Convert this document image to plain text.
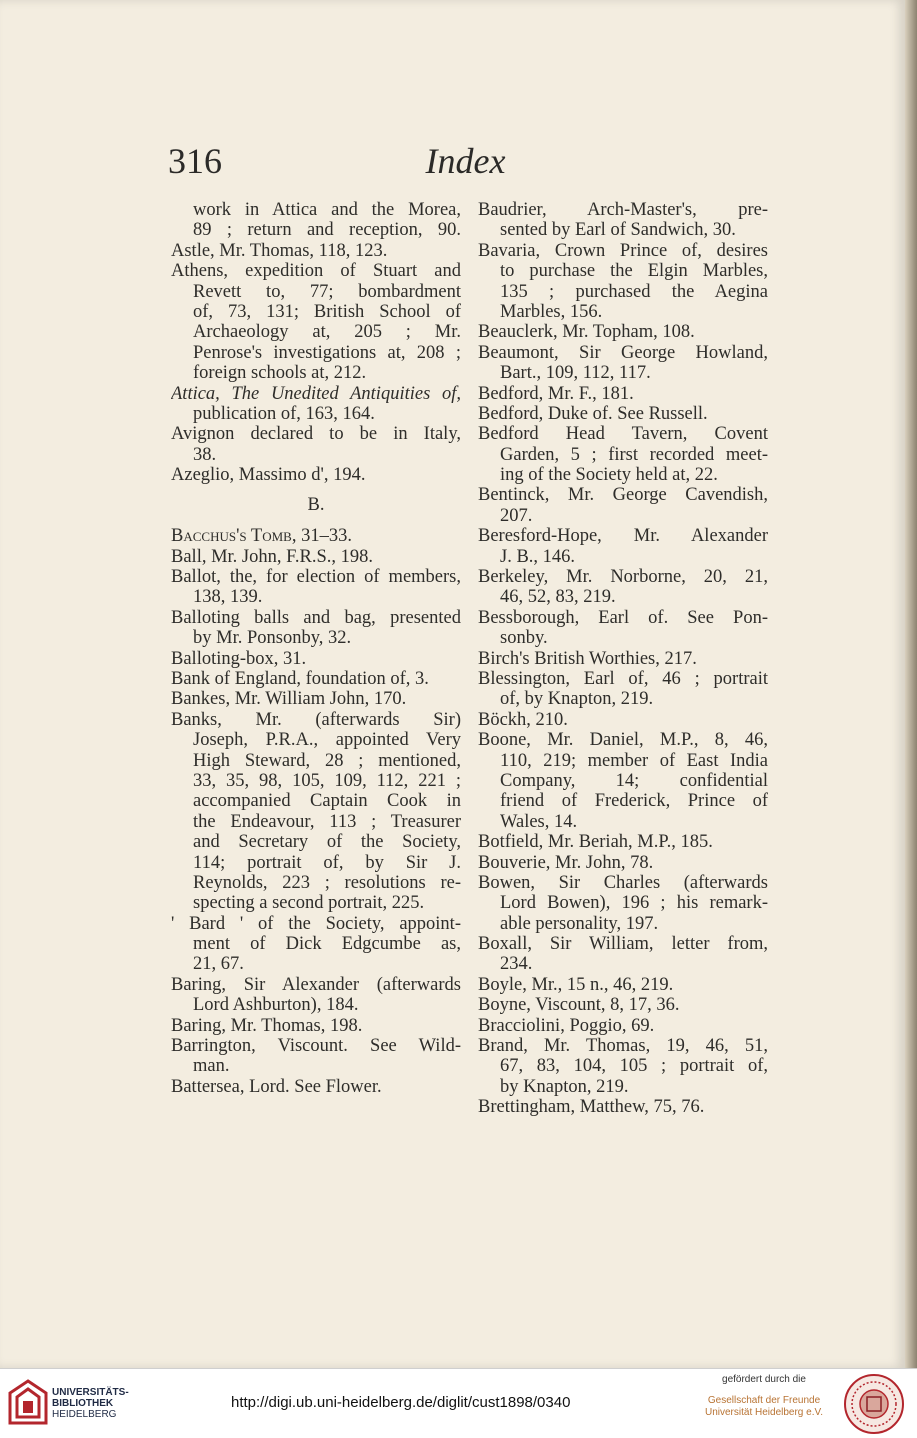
316	Index
work in Attica and the Morea,
89 ; return and reception, 90.
Astle, Mr. Thomas, 118, 123.
Athens, expedition of Stuart and
Revett to, 77; bombardment
of, 73, 131; British School of
Archaeology at, 205 ; Mr.
Penrose's investigations at, 208 ;
foreign schools at, 212.
Attica, The Unedited Antiquities of,
publication of, 163, 164.
Avignon declared to be in Italy,
38.
Azeglio, Massimo d', 194.
B.
Bacchus's Tomb, 31–33.
Ball, Mr. John, F.R.S., 198.
Ballot, the, for election of members,
138, 139.
Balloting balls and bag, presented
by Mr. Ponsonby, 32.
Balloting-box, 31.
Bank of England, foundation of, 3.
Bankes, Mr. William John, 170.
Banks, Mr. (afterwards Sir)
Joseph, P.R.A., appointed Very
High Steward, 28 ; mentioned,
33, 35, 98, 105, 109, 112, 221 ;
accompanied Captain Cook in
the Endeavour, 113 ; Treasurer
and Secretary of the Society,
114; portrait of, by Sir J.
Reynolds, 223 ; resolutions re-
specting a second portrait, 225.
' Bard ' of the Society, appoint-
ment of Dick Edgcumbe as,
21, 67.
Baring, Sir Alexander (afterwards
Lord Ashburton), 184.
Baring, Mr. Thomas, 198.
Barrington, Viscount. See Wild-
man.
Battersea, Lord. See Flower.
Baudrier, Arch-Master's, pre-
sented by Earl of Sandwich, 30.
Bavaria, Crown Prince of, desires
to purchase the Elgin Marbles,
135 ; purchased the Aegina
Marbles, 156.
Beauclerk, Mr. Topham, 108.
Beaumont, Sir George Howland,
Bart., 109, 112, 117.
Bedford, Mr. F., 181.
Bedford, Duke of. See Russell.
Bedford Head Tavern, Covent
Garden, 5 ; first recorded meet-
ing of the Society held at, 22.
Bentinck, Mr. George Cavendish,
207.
Beresford-Hope, Mr. Alexander
J. B., 146.
Berkeley, Mr. Norborne, 20, 21,
46, 52, 83, 219.
Bessborough, Earl of. See Pon-
sonby.
Birch's British Worthies, 217.
Blessington, Earl of, 46 ; portrait
of, by Knapton, 219.
Böckh, 210.
Boone, Mr. Daniel, M.P., 8, 46,
110, 219; member of East India
Company, 14; confidential
friend of Frederick, Prince of
Wales, 14.
Botfield, Mr. Beriah, M.P., 185.
Bouverie, Mr. John, 78.
Bowen, Sir Charles (afterwards
Lord Bowen), 196 ; his remark-
able personality, 197.
Boxall, Sir William, letter from,
234.
Boyle, Mr., 15 n., 46, 219.
Boyne, Viscount, 8, 17, 36.
Bracciolini, Poggio, 69.
Brand, Mr. Thomas, 19, 46, 51,
67, 83, 104, 105 ; portrait of,
by Knapton, 219.
Brettingham, Matthew, 75, 76.
UNIVERSITÄTS-
BIBLIOTHEK
HEIDELBERG
http://digi.ub.uni-heidelberg.de/diglit/cust1898/0340
gefördert durch die
Gesellschaft der Freunde
Universität Heidelberg e.V.
